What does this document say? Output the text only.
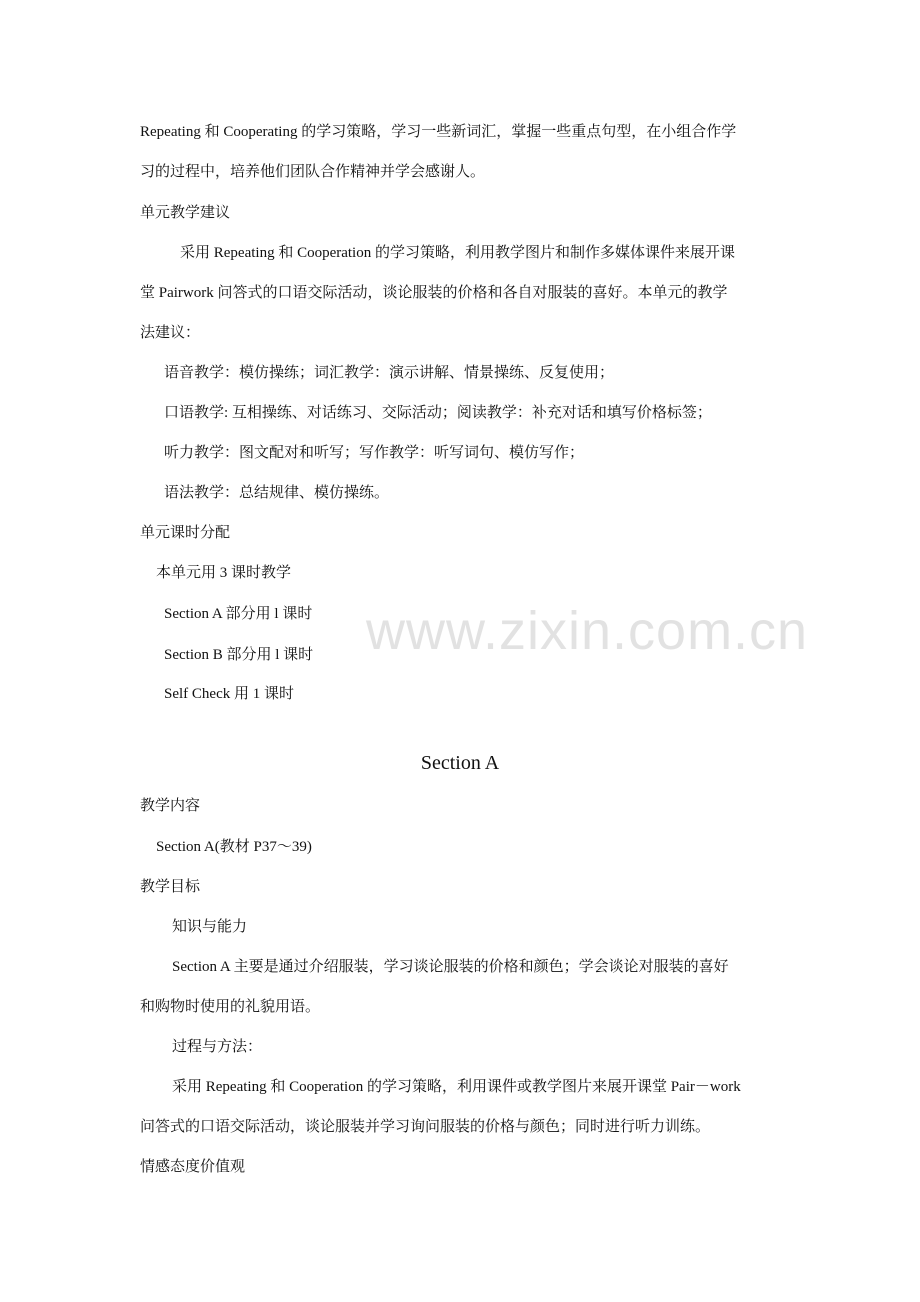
www.zixin.com.cn
Repeating 和 Cooperating 的学习策略，学习一些新词汇，掌握一些重点句型，在小组合作学
习的过程中，培养他们团队合作精神并学会感谢人。
单元教学建议
采用 Repeating 和 Cooperation 的学习策略，利用教学图片和制作多媒体课件来展开课
堂 Pairwork 问答式的口语交际活动，谈论服装的价格和各自对服装的喜好。本单元的教学
法建议：
语音教学：模仿操练；词汇教学：演示讲解、情景操练、反复使用；
口语教学: 互相操练、对话练习、交际活动；阅读教学：补充对话和填写价格标签；
听力教学：图文配对和听写；写作教学：听写词句、模仿写作；
语法教学：总结规律、模仿操练。
单元课时分配
本单元用 3 课时教学
Section A 部分用 l 课时
Section B 部分用 l 课时
Self Check 用 1 课时
Section A
教学内容
Section A(教材 P37～39)
教学目标
知识与能力
Section A 主要是通过介绍服装，学习谈论服装的价格和颜色；学会谈论对服装的喜好
和购物时使用的礼貌用语。
过程与方法：
采用 Repeating 和 Cooperation 的学习策略，利用课件或教学图片来展开课堂 Pair－work
问答式的口语交际活动，谈论服装并学习询问服装的价格与颜色；同时进行听力训练。
情感态度价值观
